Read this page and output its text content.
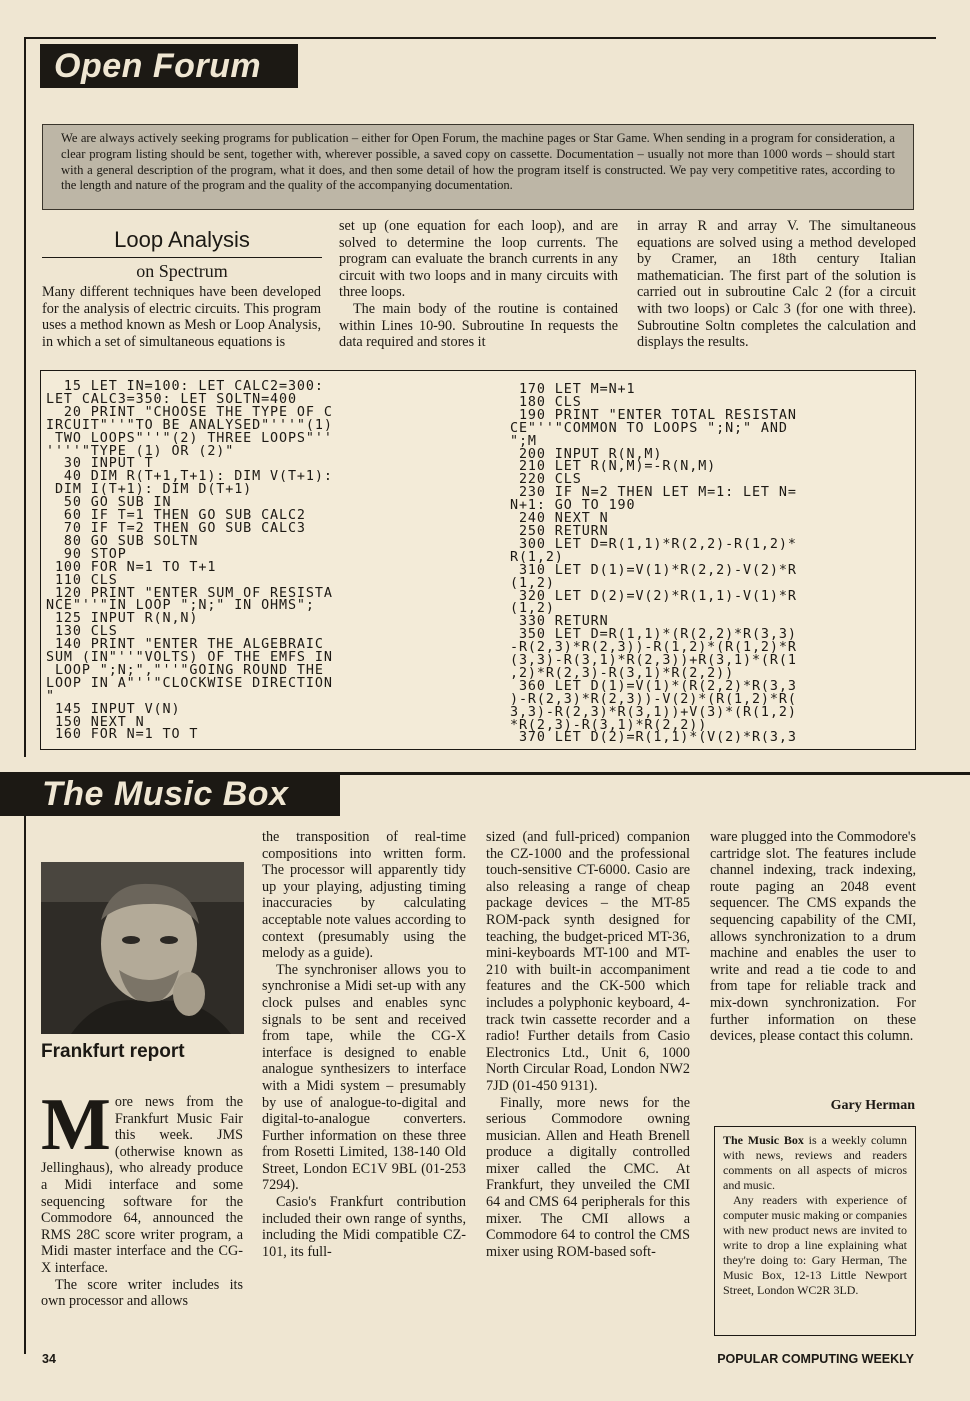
Open Forum
We are always actively seeking programs for publication – either for Open Forum, the machine pages or Star Game. When sending in a program for consideration, a clear program listing should be sent, together with, wherever possible, a saved copy on cassette. Documentation – usually not more than 1000 words – should start with a general description of the program, what it does, and then some detail of how the program itself is constructed. We pay very competitive rates, according to the length and nature of the program and the quality of the accompanying documentation.
Loop Analysis
on Spectrum

Many different techniques have been developed for the analysis of electric circuits. This program uses a method known as Mesh or Loop Analysis, in which a set of simultaneous equations is

set up (one equation for each loop), and are solved to determine the loop currents. The program can evaluate the branch currents in any circuit with two loops and in many circuits with three loops.

The main body of the routine is contained within Lines 10-90. Subroutine In requests the data required and stores it

in array R and array V. The simultaneous equations are solved using a method developed by Cramer, an 18th century Italian mathematician. The first part of the solution is carried out in subroutine Calc 2 (for a circuit with two loops) or Calc 3 (for one with three). Subroutine Soltn completes the calculation and displays the results.

15 LET IN=100: LET CALC2=300:
LET CALC3=350: LET SOLTN=400
20 PRINT "CHOOSE THE TYPE OF C
IRCUIT"''"TO BE ANALYSED"'''"(1)
TWO LOOPS"''"(2) THREE LOOPS"''
''''"TYPE (1) OR (2)"
30 INPUT T
40 DIM R(T+1,T+1): DIM V(T+1):
DIM I(T+1): DIM D(T+1)
50 GO SUB IN
60 IF T=1 THEN GO SUB CALC2
70 IF T=2 THEN GO SUB CALC3
80 GO SUB SOLTN
90 STOP
100 FOR N=1 TO T+1
110 CLS
120 PRINT "ENTER SUM OF RESISTA
NCE"''"IN LOOP ";N;" IN OHMS";
125 INPUT R(N,N)
130 CLS
140 PRINT "ENTER THE ALGEBRAIC
SUM (IN"''"VOLTS) OF THE EMFS IN
LOOP ";N;","''"GOING ROUND THE
LOOP IN A"''"CLOCKWISE DIRECTION
"
145 INPUT V(N)
150 NEXT N
160 FOR N=1 TO T
170 LET M=N+1
180 CLS
190 PRINT "ENTER TOTAL RESISTAN
CE"''"COMMON TO LOOPS ";N;" AND
";M
200 INPUT R(N,M)
210 LET R(N,M)=-R(N,M)
220 CLS
230 IF N=2 THEN LET M=1: LET N=
N+1: GO TO 190
240 NEXT N
250 RETURN
300 LET D=R(1,1)*R(2,2)-R(1,2)*
R(1,2)
310 LET D(1)=V(1)*R(2,2)-V(2)*R
(1,2)
320 LET D(2)=V(2)*R(1,1)-V(1)*R
(1,2)
330 RETURN
350 LET D=R(1,1)*(R(2,2)*R(3,3)
-R(2,3)*R(2,3))-R(1,2)*(R(1,2)*R
(3,3)-R(3,1)*R(2,3))+R(3,1)*(R(1
,2)*R(2,3)-R(3,1)*R(2,2))
360 LET D(1)=V(1)*(R(2,2)*R(3,3
)-R(2,3)*R(2,3))-V(2)*(R(1,2)*R(
3,3)-R(2,3)*R(3,1))+V(3)*(R(1,2)
*R(2,3)-R(3,1)*R(2,2))
370 LET D(2)=R(1,1)*(V(2)*R(3,3
The Music Box
Frankfurt report

More news from the Frankfurt Music Fair this week. JMS (otherwise known as Jellinghaus), who already produce a Midi interface and some sequencing software for the Commodore 64, announced the RMS 28C score writer program, a Midi master interface and the CG-X interface.

The score writer includes its own processor and allows

the transposition of real-time compositions into written form. The processor will apparently tidy up your playing, adjusting timing inaccuracies by calculating acceptable note values according to context (presumably using the melody as a guide).

The synchroniser allows you to synchronise a Midi set-up with any clock pulses and enables sync signals to be sent and received from tape, while the CG-X interface is designed to enable analogue synthesizers to interface with a Midi system – presumably by use of analogue-to-digital and digital-to-analogue converters. Further information on these three from Rosetti Limited, 138-140 Old Street, London EC1V 9BL (01-253 7294).

Casio's Frankfurt contribution included their own range of synths, including the Midi compatible CZ-101, its full-

sized (and full-priced) companion the CZ-1000 and the professional touch-sensitive CT-6000. Casio are also releasing a range of cheap package devices – the MT-85 ROM-pack synth designed for teaching, the budget-priced MT-36, mini-keyboards MT-100 and MT-210 with built-in accompaniment features and the CK-500 which includes a polyphonic keyboard, 4-track twin cassette recorder and a radio! Further details from Casio Electronics Ltd., Unit 6, 1000 North Circular Road, London NW2 7JD (01-450 9131).

Finally, more news for the serious Commodore owning musician. Allen and Heath Brenell produce a digitally controlled mixer called the CMC. At Frankfurt, they unveiled the CMI 64 and CMS 64 peripherals for this mixer. The CMI allows a Commodore 64 to control the CMS mixer using ROM-based soft-

ware plugged into the Commodore's cartridge slot. The features include channel indexing, track indexing, route paging an 2048 event sequencer. The CMS expands the sequencing capability of the CMI, allows synchronization to a drum machine and enables the user to write and read a tie code to and from tape for reliable track and mix-down synchronization. For further information on these devices, please contact this column.

Gary Herman

The Music Box is a weekly column with news, reviews and readers comments on all aspects of micros and music.

Any readers with experience of computer music making or companies with new product news are invited to write to drop a line explaining what they're doing to: Gary Herman, The Music Box, 12-13 Little Newport Street, London WC2R 3LD.

34	POPULAR COMPUTING WEEKLY
